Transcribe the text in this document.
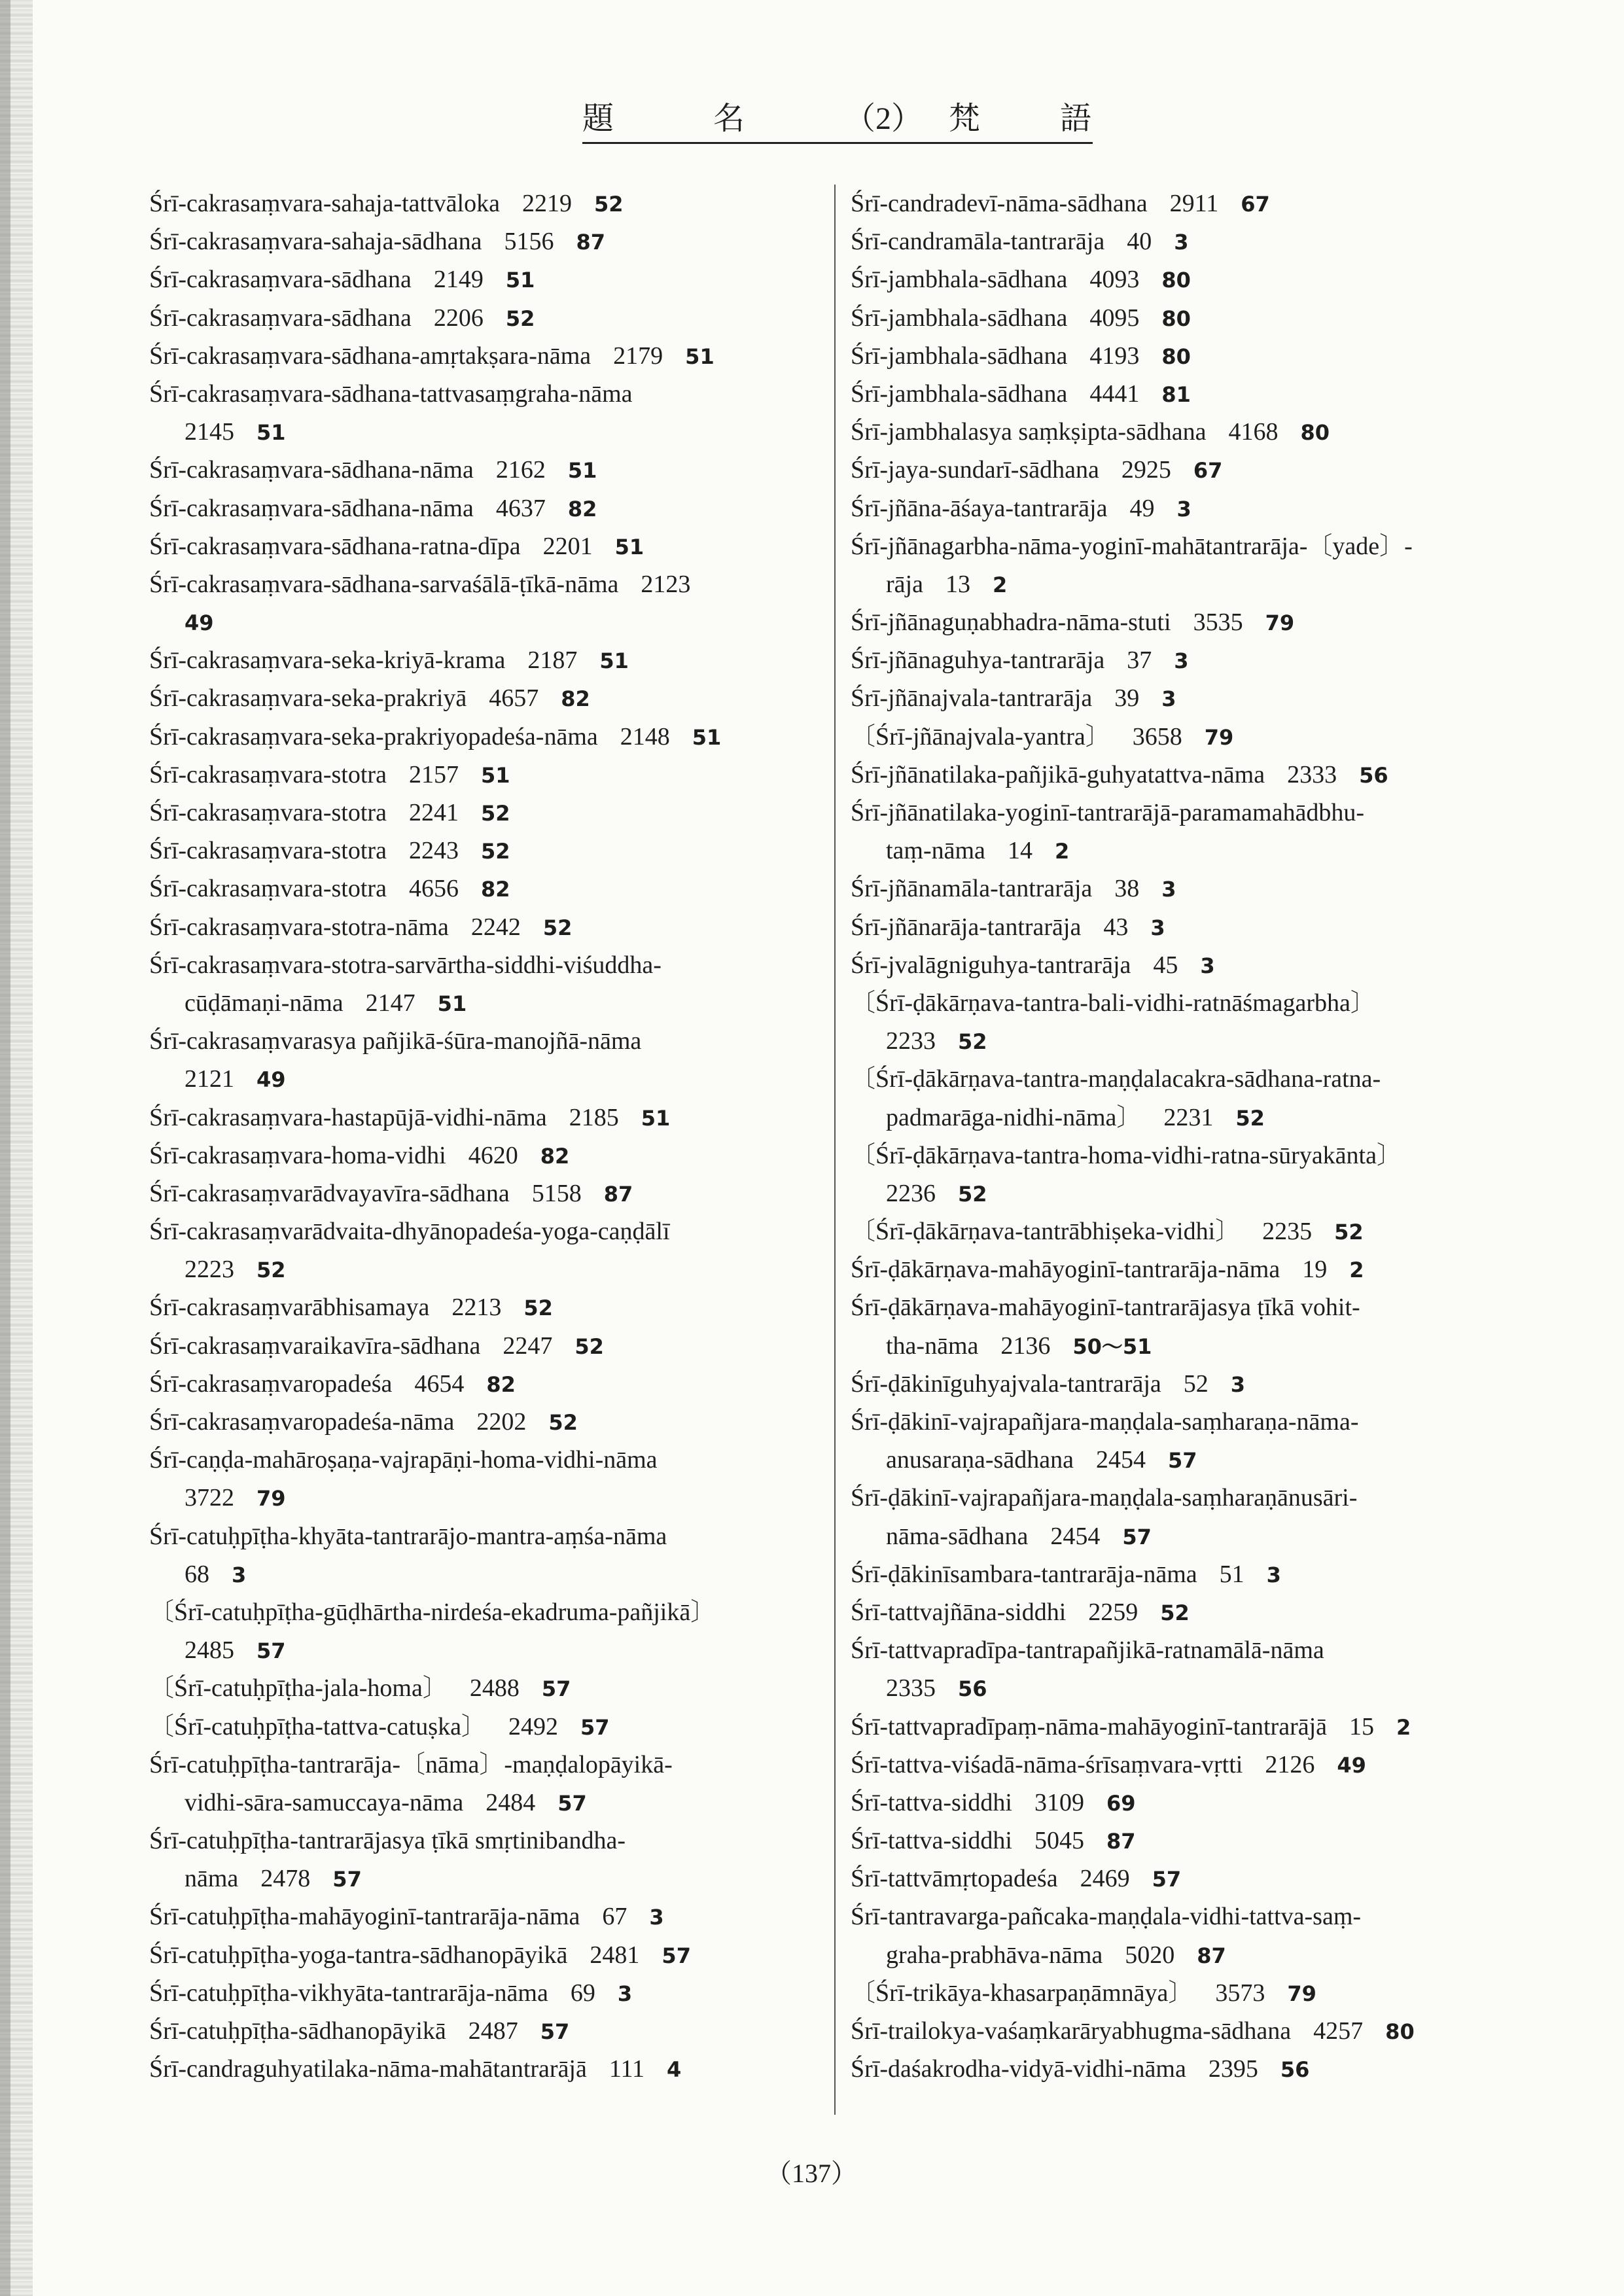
題	名	（2） 梵	語
Śrī-cakrasaṃvara-sahaja-tattvāloka 2219 52
Śrī-cakrasaṃvara-sahaja-sādhana 5156 87
Śrī-cakrasaṃvara-sādhana 2149 51
Śrī-cakrasaṃvara-sādhana 2206 52
Śrī-cakrasaṃvara-sādhana-amṛtakṣara-nāma 2179 51
Śrī-cakrasaṃvara-sādhana-tattvasaṃgraha-nāma
2145 51
Śrī-cakrasaṃvara-sādhana-nāma 2162 51
Śrī-cakrasaṃvara-sādhana-nāma 4637 82
Śrī-cakrasaṃvara-sādhana-ratna-dīpa 2201 51
Śrī-cakrasaṃvara-sādhana-sarvaśālā-ṭīkā-nāma 2123
49
Śrī-cakrasaṃvara-seka-kriyā-krama 2187 51
Śrī-cakrasaṃvara-seka-prakriyā 4657 82
Śrī-cakrasaṃvara-seka-prakriyopadeśa-nāma 2148 51
Śrī-cakrasaṃvara-stotra 2157 51
Śrī-cakrasaṃvara-stotra 2241 52
Śrī-cakrasaṃvara-stotra 2243 52
Śrī-cakrasaṃvara-stotra 4656 82
Śrī-cakrasaṃvara-stotra-nāma 2242 52
Śrī-cakrasaṃvara-stotra-sarvārtha-siddhi-viśuddha-
cūḍāmaṇi-nāma 2147 51
Śrī-cakrasaṃvarasya pañjikā-śūra-manojñā-nāma
2121 49
Śrī-cakrasaṃvara-hastapūjā-vidhi-nāma 2185 51
Śrī-cakrasaṃvara-homa-vidhi 4620 82
Śrī-cakrasaṃvarādvayavīra-sādhana 5158 87
Śrī-cakrasaṃvarādvaita-dhyānopadeśa-yoga-caṇḍālī
2223 52
Śrī-cakrasaṃvarābhisamaya 2213 52
Śrī-cakrasaṃvaraikavīra-sādhana 2247 52
Śrī-cakrasaṃvaropadeśa 4654 82
Śrī-cakrasaṃvaropadeśa-nāma 2202 52
Śrī-caṇḍa-mahāroṣaṇa-vajrapāṇi-homa-vidhi-nāma
3722 79
Śrī-catuḥpīṭha-khyāta-tantrarājo-mantra-aṃśa-nāma
68 3
〔Śrī-catuḥpīṭha-gūḍhārtha-nirdeśa-ekadruma-pañjikā〕
2485 57
〔Śrī-catuḥpīṭha-jala-homa〕 2488 57
〔Śrī-catuḥpīṭha-tattva-catuṣka〕 2492 57
Śrī-catuḥpīṭha-tantrarāja-〔nāma〕-maṇḍalopāyikā-
vidhi-sāra-samuccaya-nāma 2484 57
Śrī-catuḥpīṭha-tantrarājasya ṭīkā smṛtinibandha-
nāma 2478 57
Śrī-catuḥpīṭha-mahāyoginī-tantrarāja-nāma 67 3
Śrī-catuḥpīṭha-yoga-tantra-sādhanopāyikā 2481 57
Śrī-catuḥpīṭha-vikhyāta-tantrarāja-nāma 69 3
Śrī-catuḥpīṭha-sādhanopāyikā 2487 57
Śrī-candraguhyatilaka-nāma-mahātantrarājā 111 4
Śrī-candradevī-nāma-sādhana 2911 67
Śrī-candramāla-tantrarāja 40 3
Śrī-jambhala-sādhana 4093 80
Śrī-jambhala-sādhana 4095 80
Śrī-jambhala-sādhana 4193 80
Śrī-jambhala-sādhana 4441 81
Śrī-jambhalasya saṃkṣipta-sādhana 4168 80
Śrī-jaya-sundarī-sādhana 2925 67
Śrī-jñāna-āśaya-tantrarāja 49 3
Śrī-jñānagarbha-nāma-yoginī-mahātantrarāja-〔yade〕-
rāja 13 2
Śrī-jñānaguṇabhadra-nāma-stuti 3535 79
Śrī-jñānaguhya-tantrarāja 37 3
Śrī-jñānajvala-tantrarāja 39 3
〔Śrī-jñānajvala-yantra〕 3658 79
Śrī-jñānatilaka-pañjikā-guhyatattva-nāma 2333 56
Śrī-jñānatilaka-yoginī-tantrarājā-paramamahādbhu-
taṃ-nāma 14 2
Śrī-jñānamāla-tantrarāja 38 3
Śrī-jñānarāja-tantrarāja 43 3
Śrī-jvalāgniguhya-tantrarāja 45 3
〔Śrī-ḍākārṇava-tantra-bali-vidhi-ratnāśmagarbha〕
2233 52
〔Śrī-ḍākārṇava-tantra-maṇḍalacakra-sādhana-ratna-
padmarāga-nidhi-nāma〕 2231 52
〔Śrī-ḍākārṇava-tantra-homa-vidhi-ratna-sūryakānta〕
2236 52
〔Śrī-ḍākārṇava-tantrābhiṣeka-vidhi〕 2235 52
Śrī-ḍākārṇava-mahāyoginī-tantrarāja-nāma 19 2
Śrī-ḍākārṇava-mahāyoginī-tantrarājasya ṭīkā vohit-
tha-nāma 2136 50〜51
Śrī-ḍākinīguhyajvala-tantrarāja 52 3
Śrī-ḍākinī-vajrapañjara-maṇḍala-saṃharaṇa-nāma-
anusaraṇa-sādhana 2454 57
Śrī-ḍākinī-vajrapañjara-maṇḍala-saṃharaṇānusāri-
nāma-sādhana 2454 57
Śrī-ḍākinīsambara-tantrarāja-nāma 51 3
Śrī-tattvajñāna-siddhi 2259 52
Śrī-tattvapradīpa-tantrapañjikā-ratnamālā-nāma
2335 56
Śrī-tattvapradīpaṃ-nāma-mahāyoginī-tantrarājā 15 2
Śrī-tattva-viśadā-nāma-śrīsaṃvara-vṛtti 2126 49
Śrī-tattva-siddhi 3109 69
Śrī-tattva-siddhi 5045 87
Śrī-tattvāmṛtopadeśa 2469 57
Śrī-tantravarga-pañcaka-maṇḍala-vidhi-tattva-saṃ-
graha-prabhāva-nāma 5020 87
〔Śrī-trikāya-khasarpaṇāmnāya〕 3573 79
Śrī-trailokya-vaśaṃkarāryabhugma-sādhana 4257 80
Śrī-daśakrodha-vidyā-vidhi-nāma 2395 56
（137）
